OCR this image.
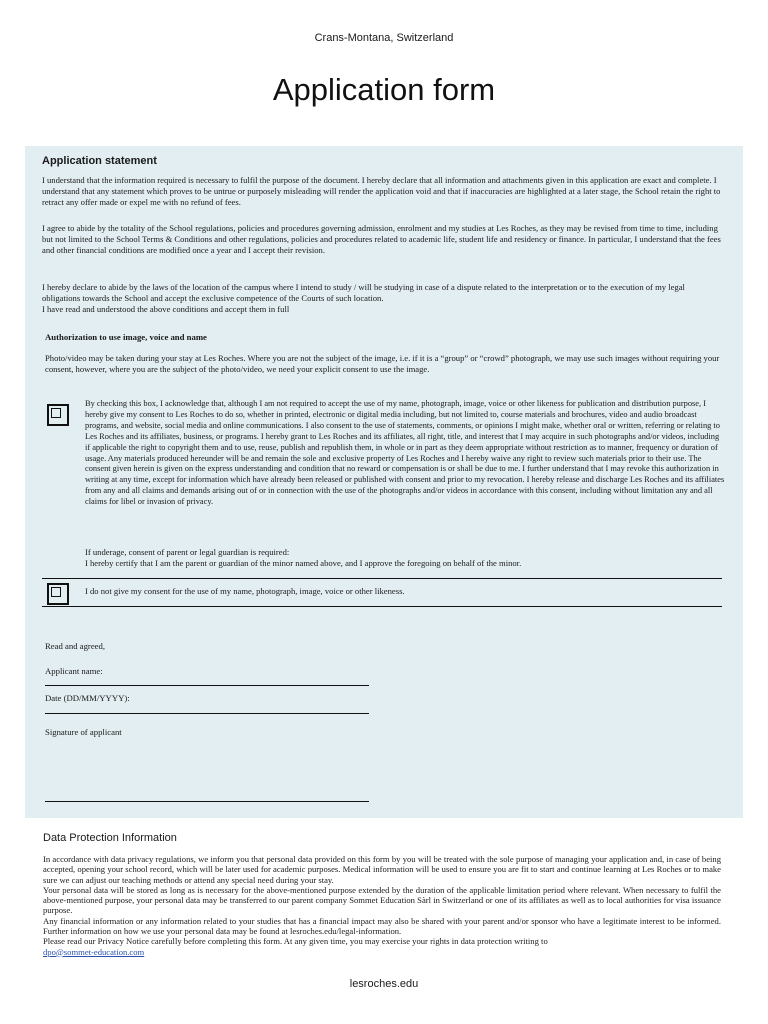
Crans-Montana, Switzerland
Application form
Application statement

I understand that the information required is necessary to fulfil the purpose of the document. I hereby declare that all information and attachments given in this application are exact and complete. I understand that any statement which proves to be untrue or purposely misleading will render the application void and that if inaccuracies are highlighted at a later stage, the School retain the right to retract any offer made or expel me with no refund of fees.

I agree to abide by the totality of the School regulations, policies and procedures governing admission, enrolment and my studies at Les Roches, as they may be revised from time to time, including but not limited to the School Terms & Conditions and other regulations, policies and procedures related to academic life, student life and residency or finance. In particular, I understand that the fees and other financial conditions are modified once a year and I accept their revision.

I hereby declare to abide by the laws of the location of the campus where I intend to study / will be studying in case of a dispute related to the interpretation or to the execution of my legal obligations towards the School and accept the exclusive competence of the Courts of such location.

I have read and understood the above conditions and accept them in full

Authorization to use image, voice and name

Photo/video may be taken during your stay at Les Roches. Where you are not the subject of the image, i.e. if it is a “group” or “crowd” photograph, we may use such images without requiring your consent, however, where you are the subject of the photo/video, we need your explicit consent to use the image.

By checking this box, I acknowledge that, although I am not required to accept the use of my name, photograph, image, voice or other likeness for publication and distribution purpose, I hereby give my consent to Les Roches to do so, whether in printed, electronic or digital media including, but not limited to, course materials and brochures, video and audio broadcast programs, and website, social media and online communications. I also consent to the use of statements, comments, or opinions I might make, whether oral or written, referring or relating to Les Roches and its affiliates, business, or programs. I hereby grant to Les Roches and its affiliates, all right, title, and interest that I may acquire in such photographs and/or videos, including if applicable the right to copyright them and to use, reuse, publish and republish them, in whole or in part as they deem appropriate without restriction as to manner, frequency or duration of usage. Any materials produced hereunder will be and remain the sole and exclusive property of Les Roches and I hereby waive any right to review such materials prior to their use. The consent given herein is given on the express understanding and condition that no reward or compensation is or shall be due to me. I further understand that I may revoke this authorization in writing at any time, except for information which have already been released or published with consent and prior to my revocation. I hereby release and discharge Les Roches and its affiliates from any and all claims and demands arising out of or in connection with the use of the photographs and/or videos in accordance with this consent, including without limitation any and all claims for libel or invasion of privacy.

If underage, consent of parent or legal guardian is required:
I hereby certify that I am the parent or guardian of the minor named above, and I approve the foregoing on behalf of the minor.

I do not give my consent for the use of my name, photograph, image, voice or other likeness.
Read and agreed,
Applicant name:
Date (DD/MM/YYYY):
Signature of applicant
Data Protection Information

In accordance with data privacy regulations, we inform you that personal data provided on this form by you will be treated with the sole purpose of managing your application and, in case of being accepted, opening your school record, which will be later used for academic purposes. Medical information will be used to ensure you are fit to start and continue learning at Les Roches or to make sure we can adjust our teaching methods or attend any special need during your stay.
Your personal data will be stored as long as is necessary for the above-mentioned purpose extended by the duration of the applicable limitation period where relevant. When necessary to fulfil the above-mentioned purpose, your personal data may be transferred to our parent company Sommet Education Sàrl in Switzerland or one of its affiliates as well as to local authorities for visa issuance purpose.
Any financial information or any information related to your studies that has a financial impact may also be shared with your parent and/or sponsor who have a legitimate interest to be informed. Further information on how we use your personal data may be found at lesroches.edu/legal-information.
Please read our Privacy Notice carefully before completing this form. At any given time, you may exercise your rights in data protection writing to
dpo@sommet-education.com

lesroches.edu
